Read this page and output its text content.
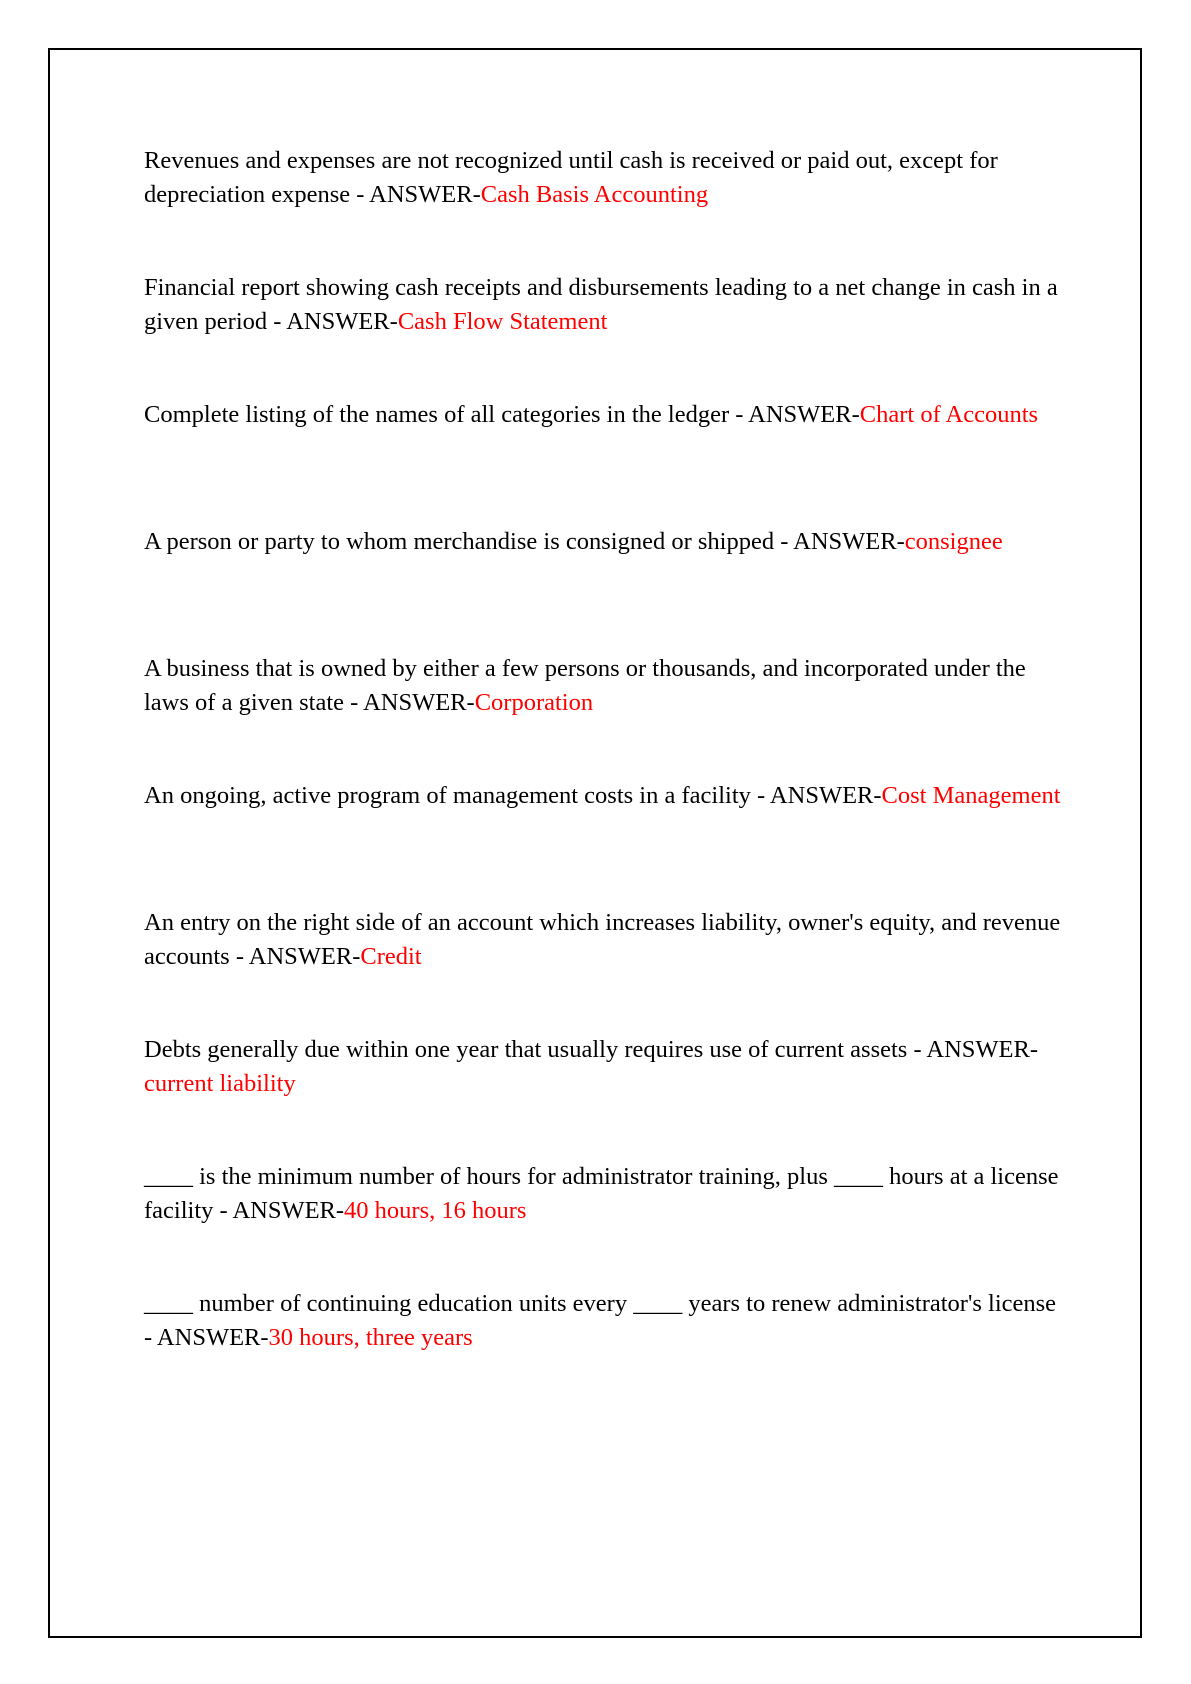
Revenues and expenses are not recognized until cash is received or paid out, except for depreciation expense - ANSWER-Cash Basis Accounting
Financial report showing cash receipts and disbursements leading to a net change in cash in a given period - ANSWER-Cash Flow Statement
Complete listing of the names of all categories in the ledger - ANSWER-Chart of Accounts
A person or party to whom merchandise is consigned or shipped - ANSWER-consignee
A business that is owned by either a few persons or thousands, and incorporated under the laws of a given state - ANSWER-Corporation
An ongoing, active program of management costs in a facility - ANSWER-Cost Management
An entry on the right side of an account which increases liability, owner's equity, and revenue accounts - ANSWER-Credit
Debts generally due within one year that usually requires use of current assets - ANSWER-current liability
____ is the minimum number of hours for administrator training, plus ____ hours at a license facility - ANSWER-40 hours, 16 hours
____ number of continuing education units every ____ years to renew administrator's license - ANSWER-30 hours, three years
